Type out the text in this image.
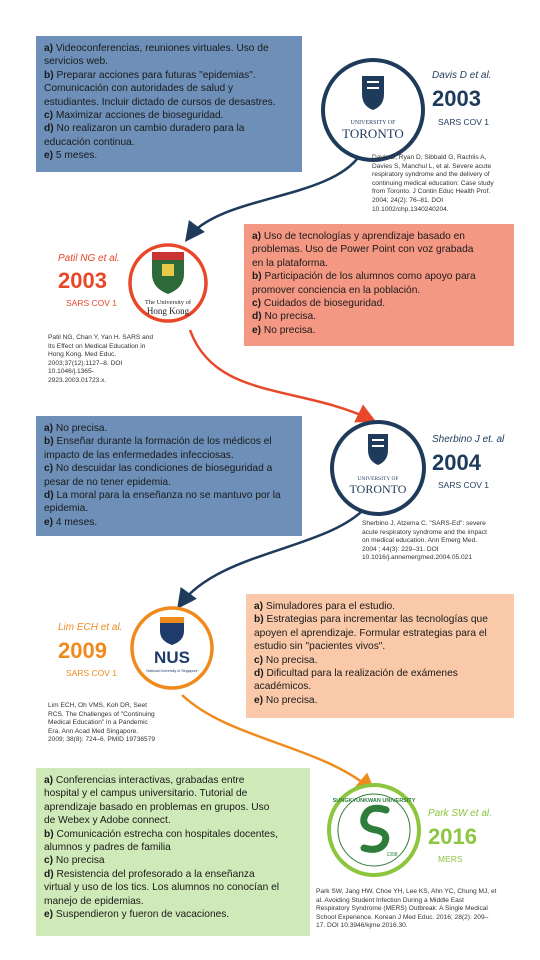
a) Videoconferencias, reuniones virtuales. Uso de
servicios web.
b) Preparar acciones para futuras "epidemias".
Comunicación con autoridades de salud y
estudiantes. Incluir dictado de cursos de desastres.
c) Maximizar acciones de bioseguridad.
d) No realizaron un cambio duradero para la
educación continua.
e) 5 meses.
UNIVERSITY OF
TORONTO
Davis D et al.
2003
SARS COV 1
Davis D, Ryan D, Sibbald G, Rachlis A,
Davies S, Manchul L, et al. Severe acute
respiratory syndrome and the delivery of
continuing medical education: Case study
from Toronto. J Contin Educ Health Prof.
2004; 24(2): 76–81. DOI
10.1002/chp.1340240204.
Patil NG et al.
2003
SARS COV 1	The University of
Hong Kong
a) Uso de tecnologías y aprendizaje basado en
problemas. Uso de Power Point con voz grabada
en la plataforma.
b) Participación de los alumnos como apoyo para
promover conciencia en la población.
c) Cuidados de bioseguridad.
d) No precisa.
e) No precisa.
Patil NG, Chan Y, Yan H. SARS and
Its Effect on Medical Education in
Hong Kong. Med Educ.
2003;37(12):1127–8. DOI
10.1046/j.1365-
2923.2003.01723.x.
a) No precisa.
b) Enseñar durante la formación de los médicos el
impacto de las enfermedades infecciosas.
c) No descuidar las condiciones de bioseguridad a
pesar de no tener epidemia.
d) La moral para la enseñanza no se mantuvo por la
epidemia.
e) 4 meses.
UNIVERSITY OF
TORONTO
Sherbino J et. al
2004
SARS COV 1
Sherbino J, Atzema C. "SARS-Ed": severe
acute respiratory syndrome and the impact
on medical education. Ann Emerg Med.
2004 ; 44(3): 229–31. DOI
10.1016/j.annemergmed.2004.05.021
Lim ECH et al.
2009
SARS COV 1
NUS
National University of Singapore
a) Simuladores para el estudio.
b) Estrategias para incrementar las tecnologías que
apoyen el aprendizaje. Formular estrategias para el
estudio sin "pacientes vivos".
c) No precisa.
d) Dificultad para la realización de exámenes
académicos.
e) No precisa.
Lim ECH, Oh VMS, Koh DR, Seet
RCS. The Challenges of "Continuing
Medical Education" in a Pandemic
Era. Ann Acad Med Singapore.
2009; 38(8): 724–6. PMID 19736579
a) Conferencias interactivas, grabadas entre
hospital y el campus universitario. Tutorial de
aprendizaje basado en problemas en grupos. Uso
de Webex y Adobe connect.
b) Comunicación estrecha con hospitales docentes,
alumnos y padres de familia
c) No precisa
d) Resistencia del profesorado a la enseñanza
virtual y uso de los tics. Los alumnos no conocían el
manejo de epidemias.
e) Suspendieron y fueron de vacaciones.
SUNGKYUNKWAN UNIVERSITY
1398
Park SW et al.
2016
MERS
Park SW, Jang HW, Choe YH, Lee KS, Ahn YC, Chung MJ, et
al. Avoiding Student Infection During a Middle East
Respiratory Syndrome (MERS) Outbreak: A Single Medical
School Experience. Korean J Med Educ. 2016; 28(2): 209–
17. DOI 10.3946/kjme.2016.30.
